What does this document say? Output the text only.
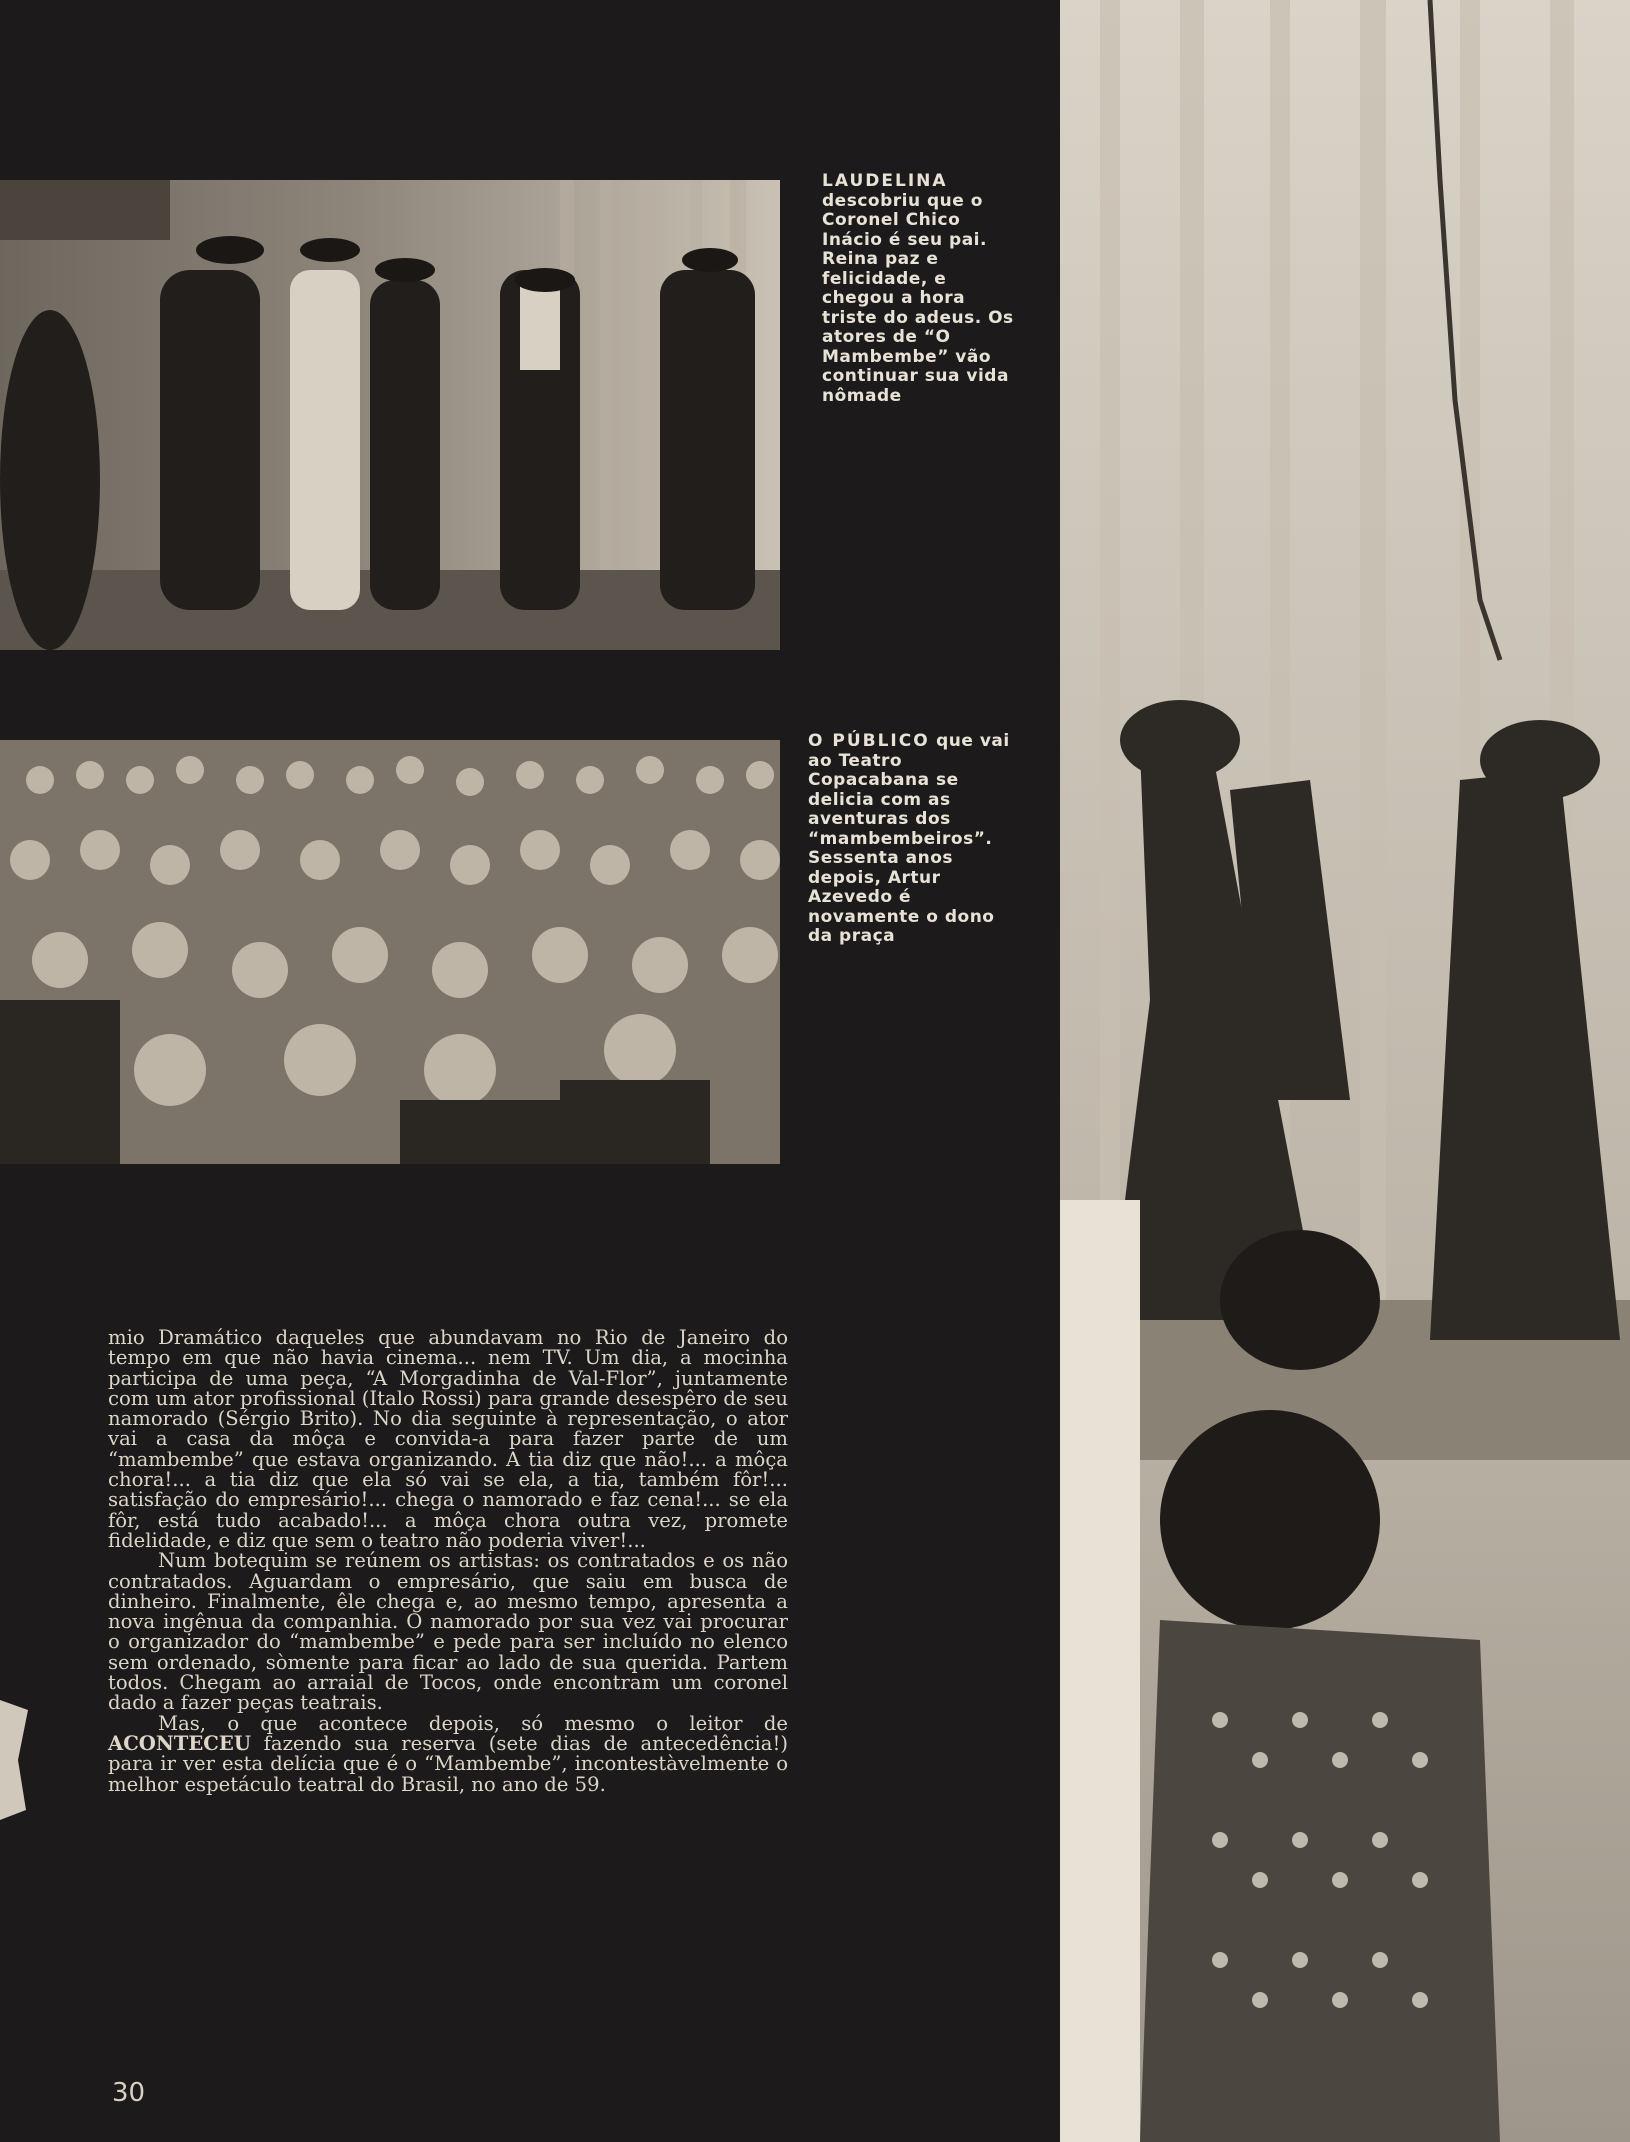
LAUDELINA descobriu que o Coronel Chico Inácio é seu pai. Reina paz e felicidade, e chegou a hora triste do adeus. Os atores de “O Mambembe” vão continuar sua vida nômade
O PÚBLICO que vai ao Teatro Copacabana se delicia com as aventuras dos “mambembeiros”. Sessenta anos depois, Artur Azevedo é novamente o dono da praça

mio Dramático daqueles que abundavam no Rio de Janeiro do tempo em que não havia cinema... nem TV. Um dia, a mocinha participa de uma peça, “A Morgadinha de Val-Flor”, juntamente com um ator profissional (Italo Rossi) para grande desespêro de seu namorado (Sérgio Brito). No dia seguinte à representação, o ator vai a casa da môça e convida-a para fazer parte de um “mambembe” que estava organizando. A tia diz que não!... a môça chora!... a tia diz que ela só vai se ela, a tia, também fôr!... satisfação do empresário!... chega o namorado e faz cena!... se ela fôr, está tudo acabado!... a môça chora outra vez, promete fidelidade, e diz que sem o teatro não poderia viver!...

Num botequim se reúnem os artistas: os contratados e os não contratados. Aguardam o empresário, que saiu em busca de dinheiro. Finalmente, êle chega e, ao mesmo tempo, apresenta a nova ingênua da companhia. O namorado por sua vez vai procurar o organizador do “mambembe” e pede para ser incluído no elenco sem ordenado, sòmente para ficar ao lado de sua querida. Partem todos. Chegam ao arraial de Tocos, onde encontram um coronel dado a fazer peças teatrais.

Mas, o que acontece depois, só mesmo o leitor de ACONTECEU fazendo sua reserva (sete dias de antecedência!) para ir ver esta delícia que é o “Mambembe”, incontestàvelmente o melhor espetáculo teatral do Brasil, no ano de 59.

30
